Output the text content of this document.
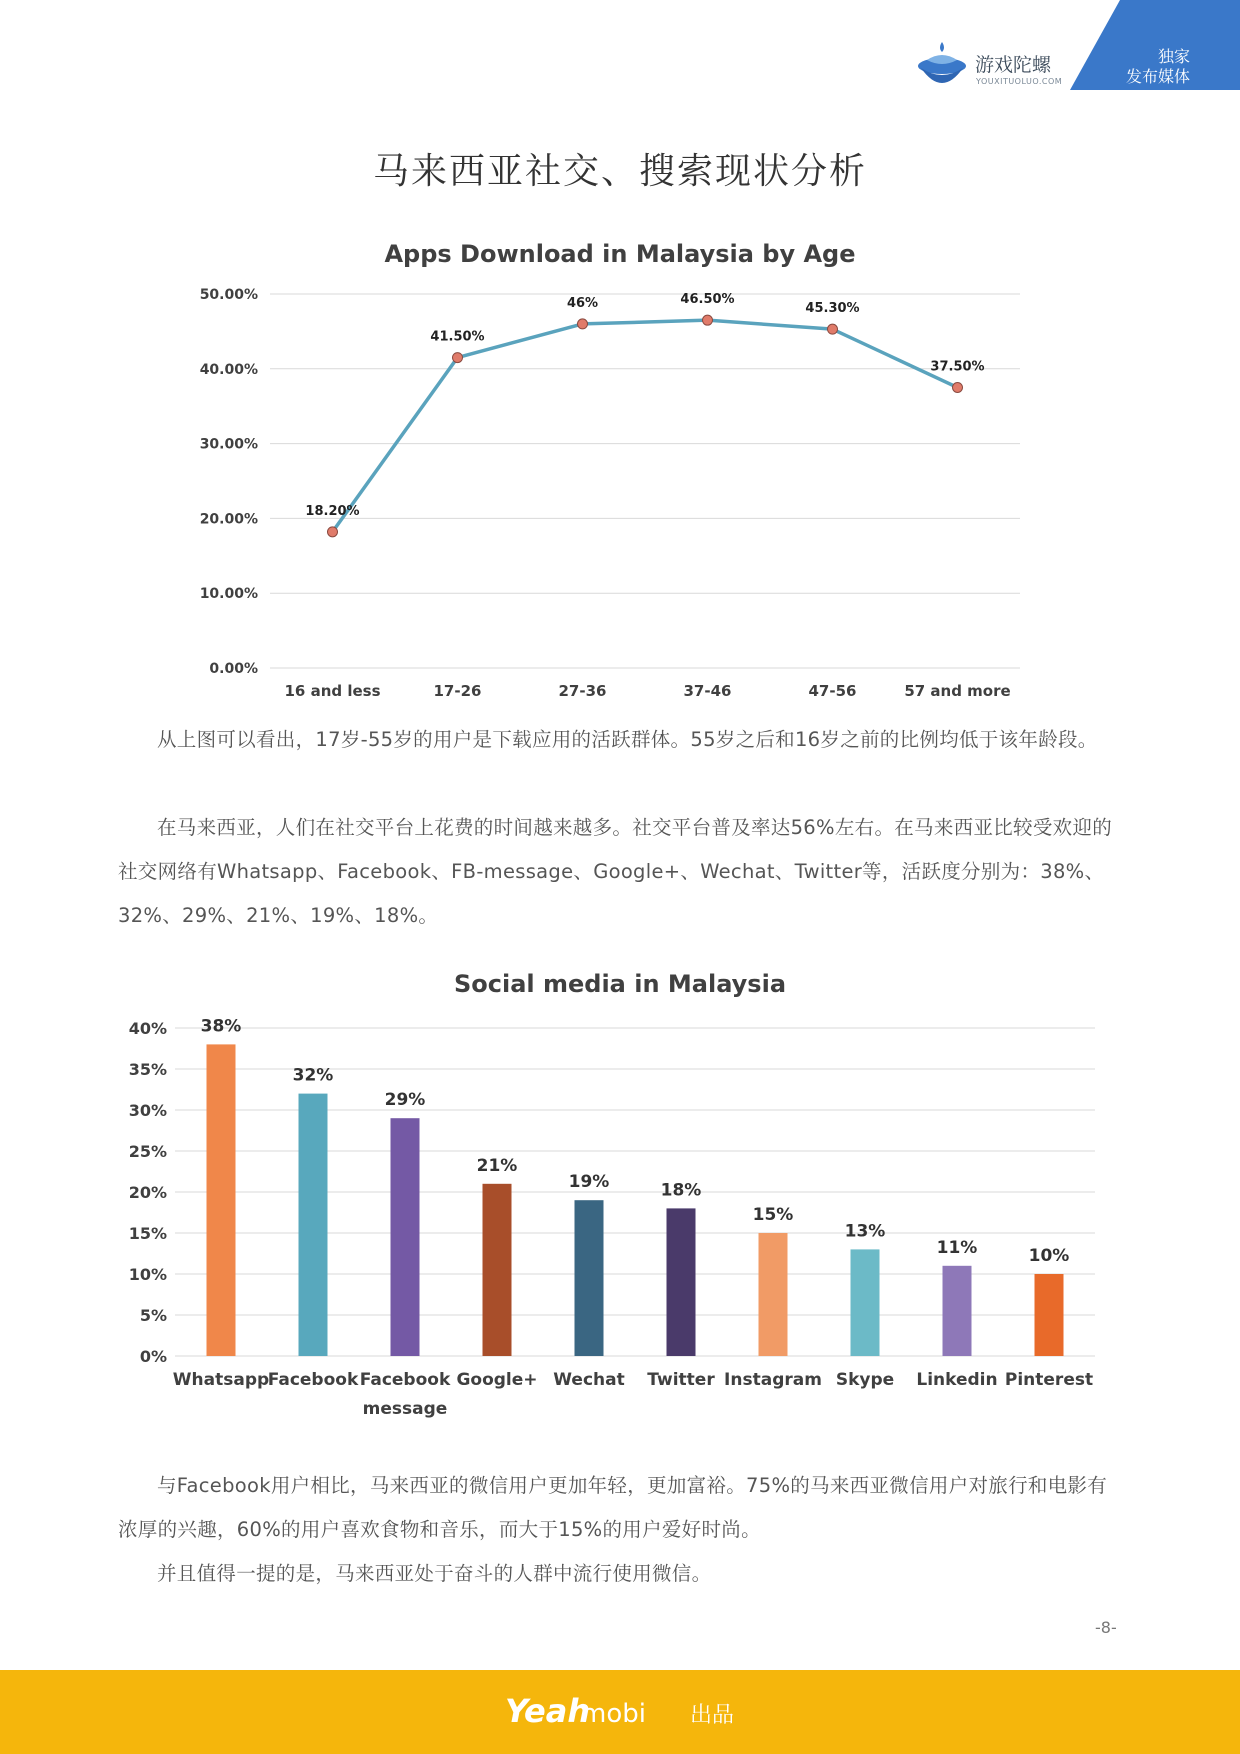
游戏陀螺
YOUXITUOLUO.COM
独家
发布媒体
马来西亚社交、搜索现状分析
Apps Download in Malaysia by Age
0.00%
10.00%
20.00%
30.00%
40.00%
50.00%
16 and less	17-26	27-36	37-46	47-56	57 and more
18.20%
41.50%
46%	46.50%
45.30%
37.50%

从上图可以看出，17岁-55岁的用户是下载应用的活跃群体。55岁之后和16岁之前的比例均低于该年龄段。

在马来西亚，人们在社交平台上花费的时间越来越多。社交平台普及率达56%左右。在马来西亚比较受欢迎的社交网络有Whatsapp、Facebook、FB-message、Google+、Wechat、Twitter等，活跃度分别为：38%、32%、29%、21%、19%、18%。

Social media in Malaysia
0%
5%
10%
15%
20%
25%
30%
35%
40% 38%
Whatsapp
32%
Facebook
29%
Facebook message
21%
Google+
19%
Wechat
18%
Twitter
15%
Instagram
13%
Skype
11%
Linkedin
10%
Pinterest

与Facebook用户相比，马来西亚的微信用户更加年轻，更加富裕。75%的马来西亚微信用户对旅行和电影有浓厚的兴趣，60%的用户喜欢食物和音乐，而大于15%的用户爱好时尚。

并且值得一提的是，马来西亚处于奋斗的人群中流行使用微信。

-8-
Yeah
mobi 出品
